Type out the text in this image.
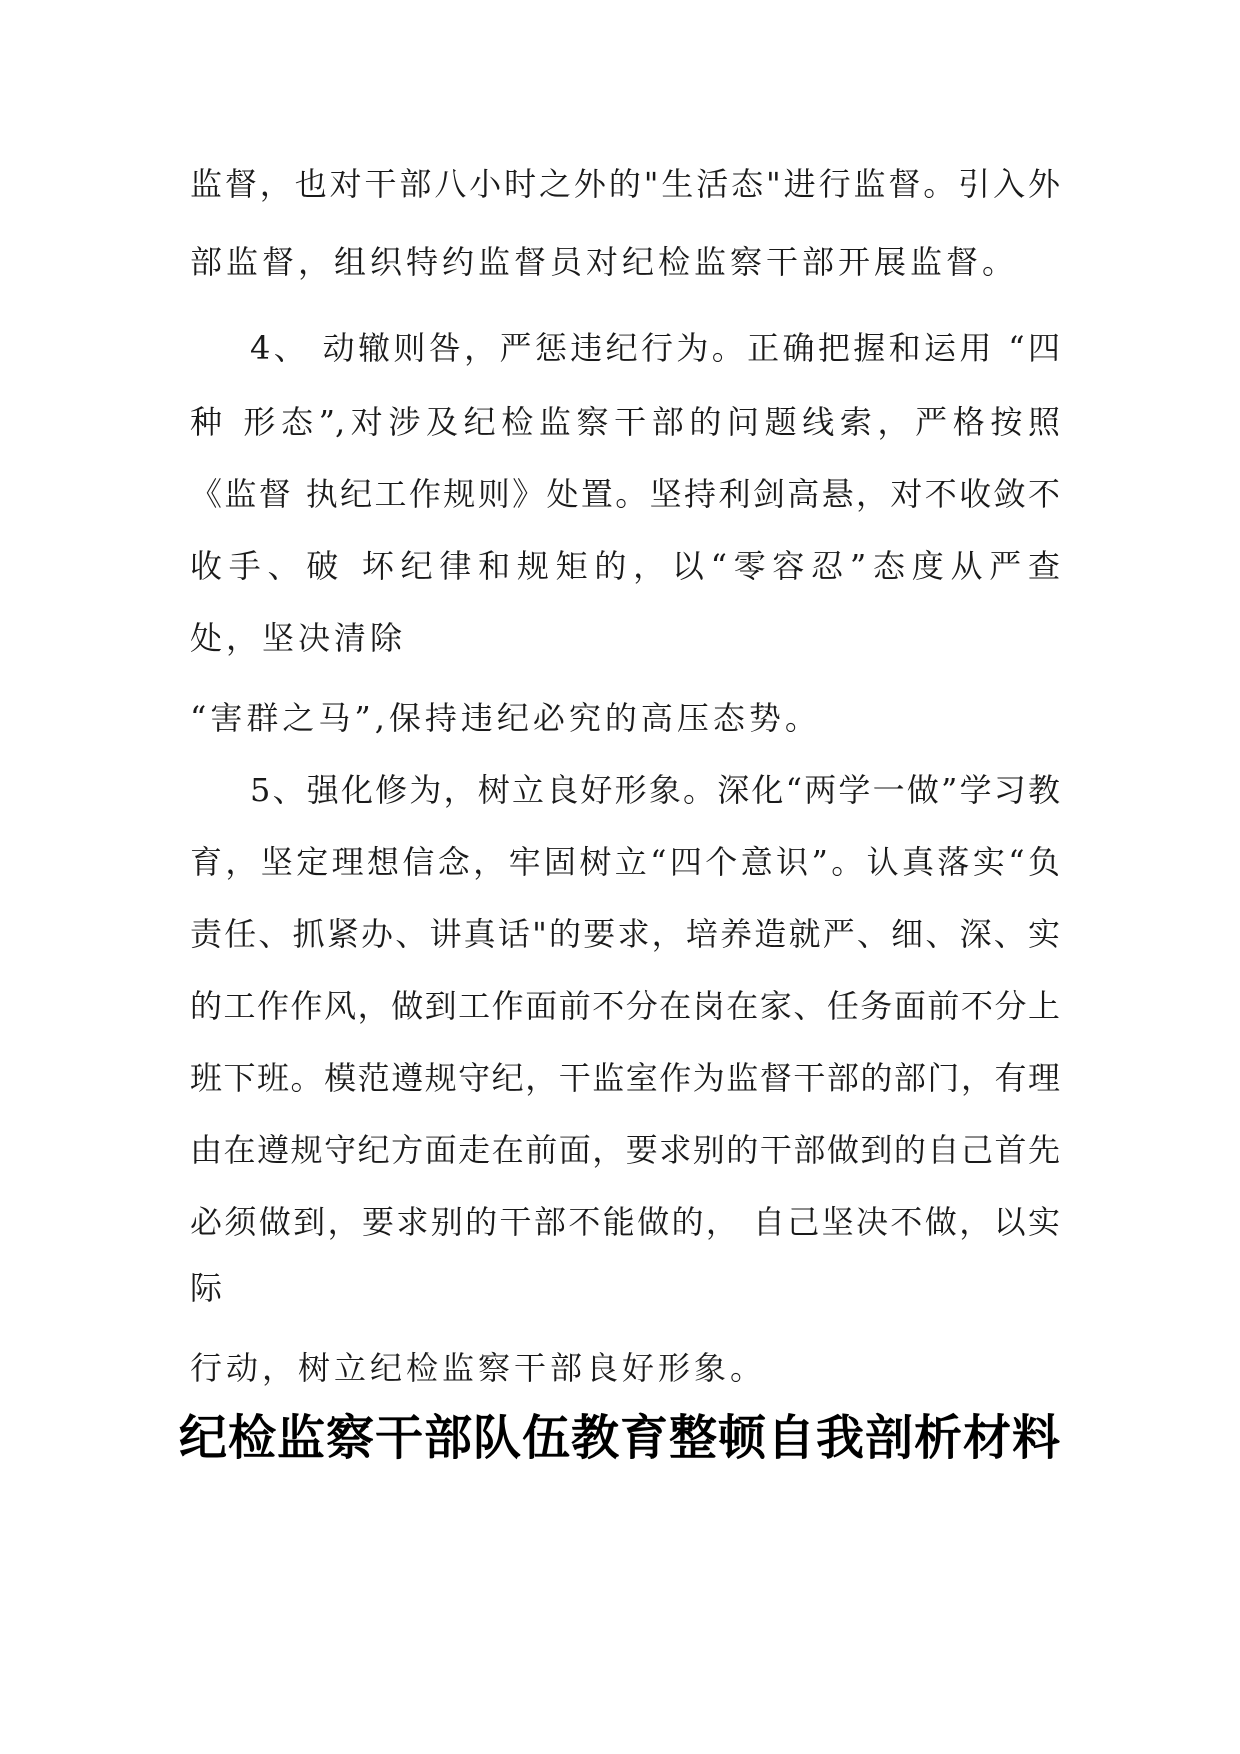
监督，也对干部八小时之外的"生活态"进行监督。引入外
部监督，组织特约监督员对纪检监察干部开展监督。
4、 动辙则咎，严惩违纪行为。正确把握和运用 “四
种 形态”,对涉及纪检监察干部的问题线索，严格按照
《监督 执纪工作规则》处置。坚持利剑高悬，对不收敛不
收手、破 坏纪律和规矩的，以“零容忍”态度从严查
处，坚决清除
“害群之马”,保持违纪必究的高压态势。
5、强化修为，树立良好形象。深化“两学一做”学习教
育，坚定理想信念，牢固树立“四个意识”。认真落实“负
责任、抓紧办、讲真话"的要求，培养造就严、细、深、实
的工作作风，做到工作面前不分在岗在家、任务面前不分上
班下班。模范遵规守纪，干监室作为监督干部的部门，有理
由在遵规守纪方面走在前面，要求别的干部做到的自己首先
必须做到，要求别的干部不能做的， 自己坚决不做，以实
际
行动，树立纪检监察干部良好形象。
纪检监察干部队伍教育整顿自我剖析材料
